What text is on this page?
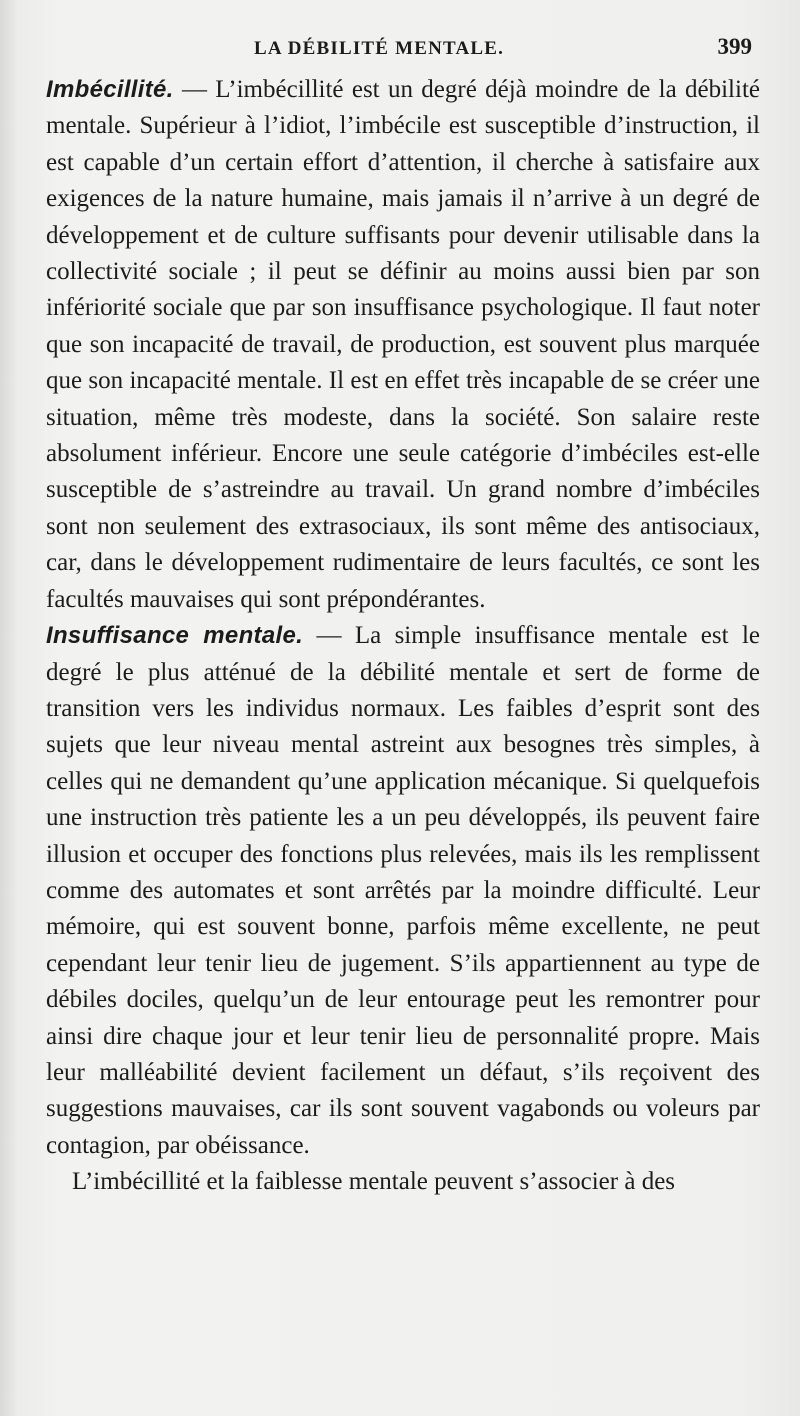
LA DÉBILITÉ MENTALE.	399

Imbécillité. — L’imbécillité est un degré déjà moindre de la débilité mentale. Supérieur à l’idiot, l’imbécile est susceptible d’instruction, il est capable d’un certain effort d’attention, il cherche à satisfaire aux exigences de la nature humaine, mais jamais il n’arrive à un degré de développement et de culture suffisants pour devenir utilisable dans la collectivité sociale ; il peut se définir au moins aussi bien par son infériorité sociale que par son insuffisance psychologique. Il faut noter que son incapacité de travail, de production, est souvent plus marquée que son incapacité mentale. Il est en effet très incapable de se créer une situation, même très modeste, dans la société. Son salaire reste absolument inférieur. Encore une seule catégorie d’imbéciles est-elle susceptible de s’astreindre au travail. Un grand nombre d’imbéciles sont non seulement des extrasociaux, ils sont même des antisociaux, car, dans le développement rudimentaire de leurs facultés, ce sont les facultés mauvaises qui sont prépondérantes.

Insuffisance mentale. — La simple insuffisance mentale est le degré le plus atténué de la débilité mentale et sert de forme de transition vers les individus normaux. Les faibles d’esprit sont des sujets que leur niveau mental astreint aux besognes très simples, à celles qui ne demandent qu’une application mécanique. Si quelquefois une instruction très patiente les a un peu développés, ils peuvent faire illusion et occuper des fonctions plus relevées, mais ils les remplissent comme des automates et sont arrêtés par la moindre difficulté. Leur mémoire, qui est souvent bonne, parfois même excellente, ne peut cependant leur tenir lieu de jugement. S’ils appartiennent au type de débiles dociles, quelqu’un de leur entourage peut les remontrer pour ainsi dire chaque jour et leur tenir lieu de personnalité propre. Mais leur malléabilité devient facilement un défaut, s’ils reçoivent des suggestions mauvaises, car ils sont souvent vagabonds ou voleurs par contagion, par obéissance.

L’imbécillité et la faiblesse mentale peuvent s’associer à des
